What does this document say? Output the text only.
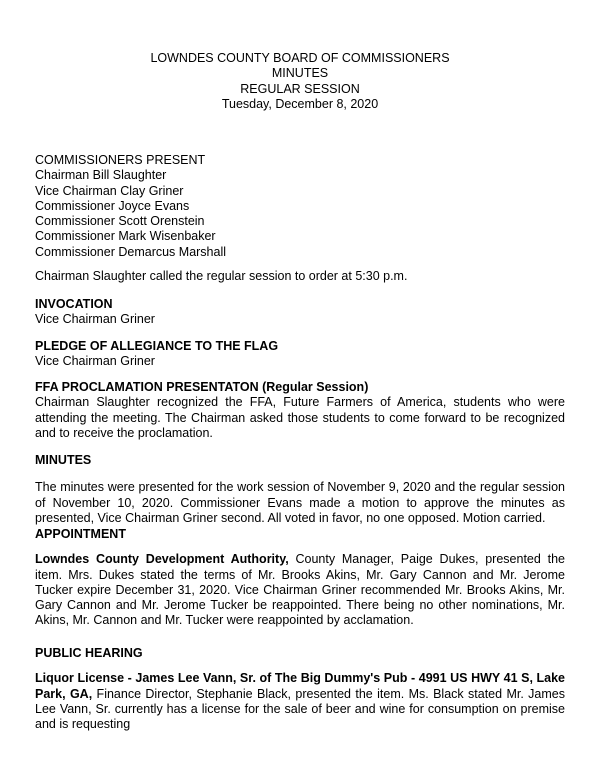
LOWNDES COUNTY BOARD OF COMMISSIONERS
MINUTES
REGULAR SESSION
Tuesday, December 8, 2020
COMMISSIONERS PRESENT
Chairman Bill Slaughter
Vice Chairman Clay Griner
Commissioner Joyce Evans
Commissioner Scott Orenstein
Commissioner Mark Wisenbaker
Commissioner Demarcus Marshall
Chairman Slaughter called the regular session to order at 5:30 p.m.
INVOCATION
Vice Chairman Griner
PLEDGE OF ALLEGIANCE TO THE FLAG
Vice Chairman Griner
FFA PROCLAMATION PRESENTATON (Regular Session)

Chairman Slaughter recognized the FFA, Future Farmers of America, students who were attending the meeting. The Chairman asked those students to come forward to be recognized and to receive the proclamation.

MINUTES

The minutes were presented for the work session of November 9, 2020 and the regular session of November 10, 2020. Commissioner Evans made a motion to approve the minutes as presented, Vice Chairman Griner second. All voted in favor, no one opposed. Motion carried.

APPOINTMENT

Lowndes County Development Authority, County Manager, Paige Dukes, presented the item. Mrs. Dukes stated the terms of Mr. Brooks Akins, Mr. Gary Cannon and Mr. Jerome Tucker expire December 31, 2020. Vice Chairman Griner recommended Mr. Brooks Akins, Mr. Gary Cannon and Mr. Jerome Tucker be reappointed. There being no other nominations, Mr. Akins, Mr. Cannon and Mr. Tucker were reappointed by acclamation.

PUBLIC HEARING

Liquor License - James Lee Vann, Sr. of The Big Dummy's Pub - 4991 US HWY 41 S, Lake Park, GA, Finance Director, Stephanie Black, presented the item. Ms. Black stated Mr. James Lee Vann, Sr. currently has a license for the sale of beer and wine for consumption on premise and is requesting
